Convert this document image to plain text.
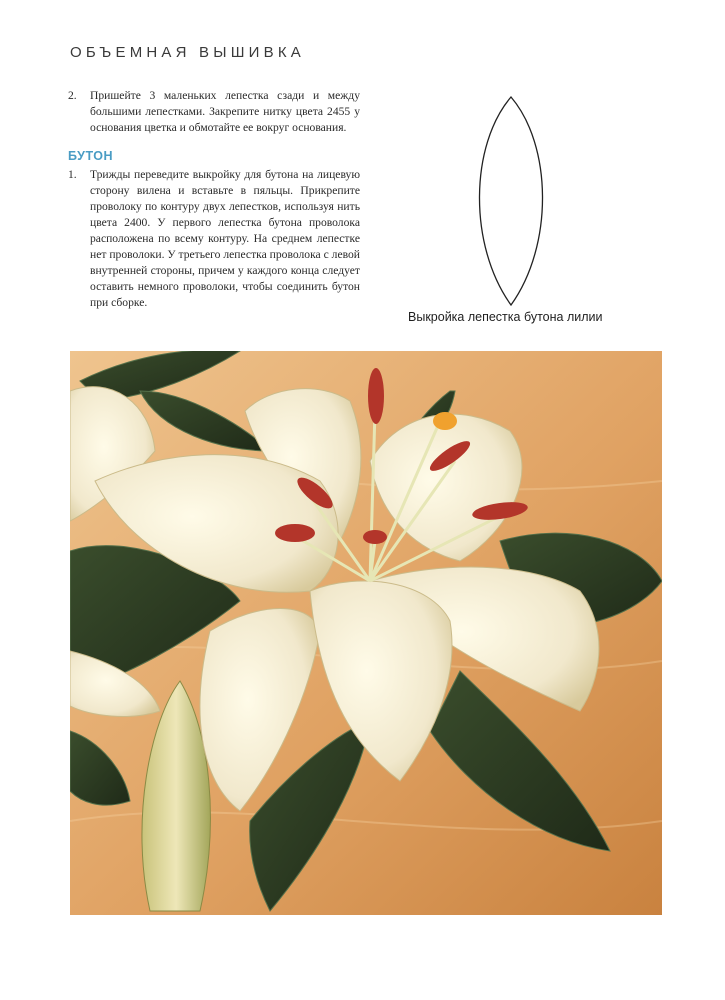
ОБЪЕМНАЯ ВЫШИВКА
2. Пришейте 3 маленьких лепестка сзади и между большими лепестками. Закрепите нитку цвета 2455 у основания цветка и обмотайте ее вокруг основания.
БУТОН
1. Трижды переведите выкройку для бутона на лицевую сторону вилена и вставьте в пяльцы. Прикрепите проволоку по контуру двух лепестков, используя нить цвета 2400. У первого лепестка бутона проволока расположена по всему контуру. На среднем лепестке нет проволоки. У третьего лепестка проволока с левой внутренней стороны, причем у каждого конца следует оставить немного проволоки, чтобы соединить бутон при сборке.
Выкройка лепестка бутона лилии
